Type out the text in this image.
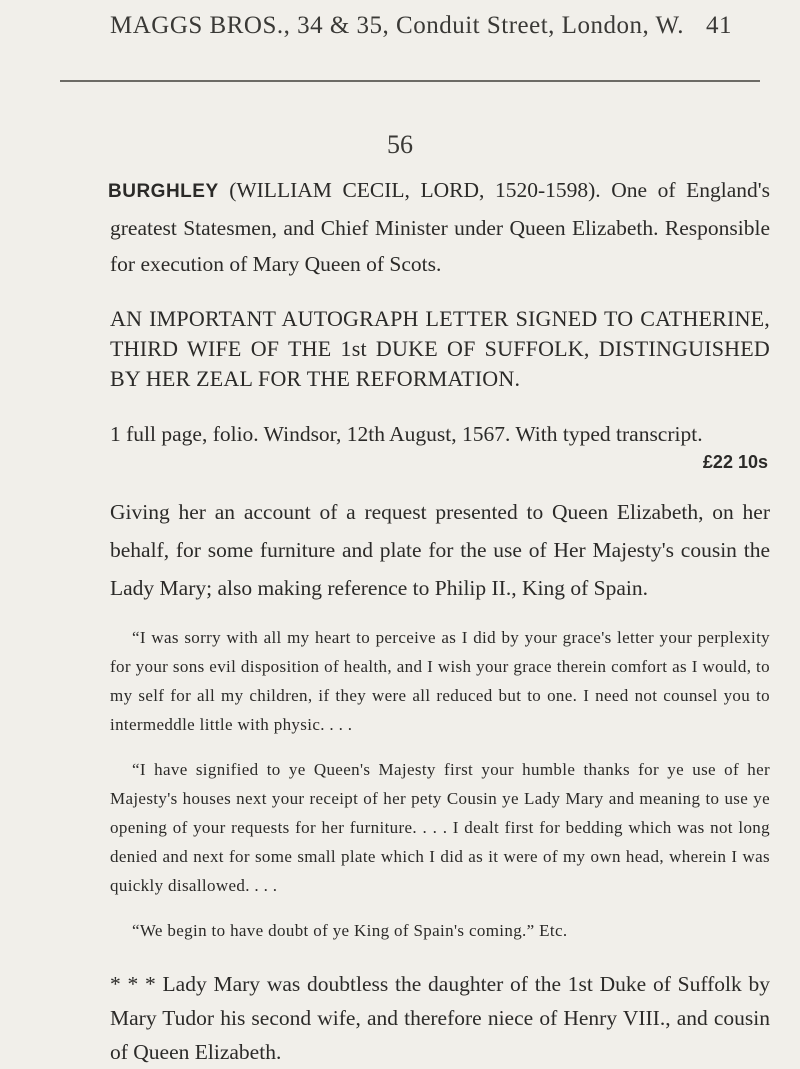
MAGGS BROS., 34 & 35, Conduit Street, London, W. 41
56

BURGHLEY (WILLIAM CECIL, LORD, 1520-1598). One of England's greatest Statesmen, and Chief Minister under Queen Elizabeth. Responsible for execution of Mary Queen of Scots.

AN IMPORTANT AUTOGRAPH LETTER SIGNED TO CATHERINE, THIRD WIFE OF THE 1st DUKE OF SUFFOLK, DISTINGUISHED BY HER ZEAL FOR THE REFORMATION.

1 full page, folio. Windsor, 12th August, 1567. With typed transcript.

£22 10s

Giving her an account of a request presented to Queen Elizabeth, on her behalf, for some furniture and plate for the use of Her Majesty's cousin the Lady Mary; also making reference to Philip II., King of Spain.

“I was sorry with all my heart to perceive as I did by your grace's letter your perplexity for your sons evil disposition of health, and I wish your grace therein comfort as I would, to my self for all my children, if they were all reduced but to one. I need not counsel you to intermeddle little with physic. . . .

“I have signified to ye Queen's Majesty first your humble thanks for ye use of her Majesty's houses next your receipt of her pety Cousin ye Lady Mary and meaning to use ye opening of your requests for her furniture. . . . I dealt first for bedding which was not long denied and next for some small plate which I did as it were of my own head, wherein I was quickly disallowed. . . .

“We begin to have doubt of ye King of Spain's coming.” Etc.

* * * Lady Mary was doubtless the daughter of the 1st Duke of Suffolk by Mary Tudor his second wife, and therefore niece of Henry VIII., and cousin of Queen Elizabeth.
